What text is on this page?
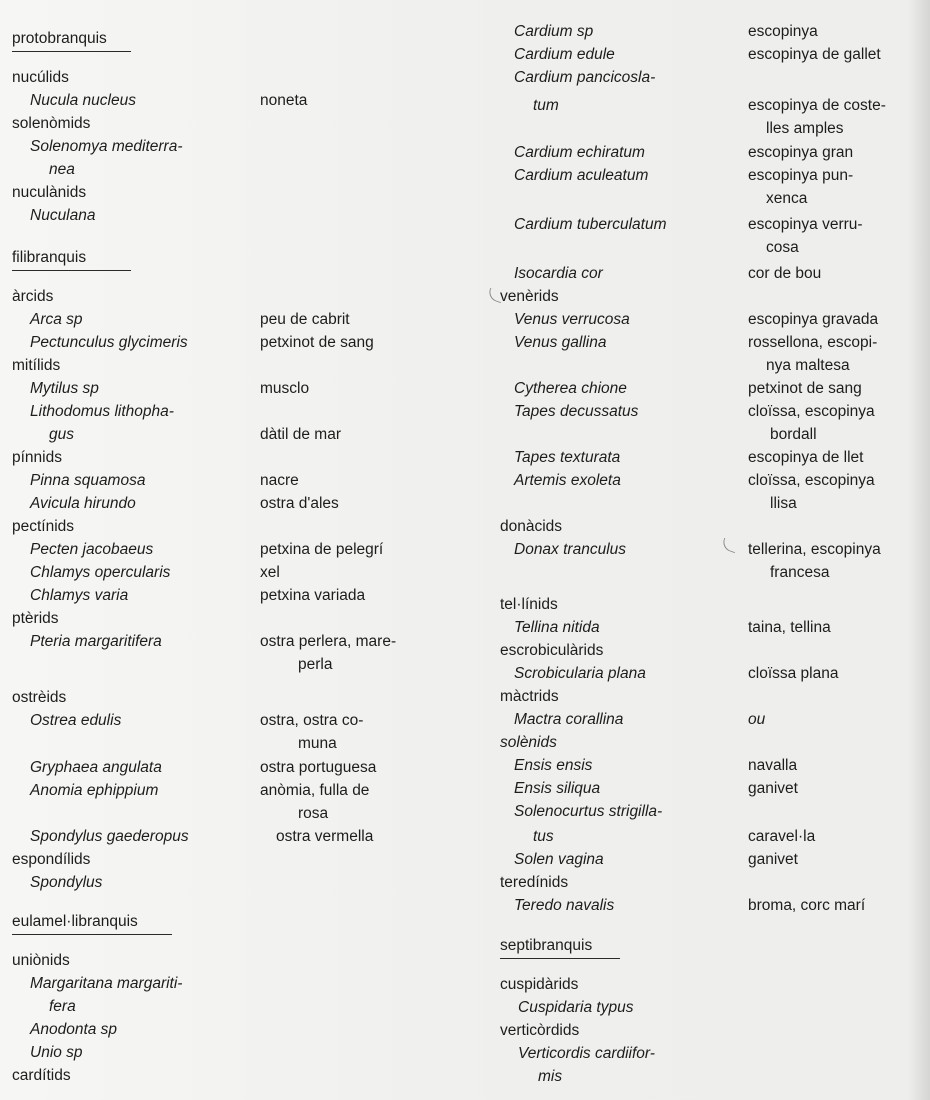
protobranquis
nucúlids
Nucula nucleus	noneta
solenòmids
Solenomya mediterra-
nea
nuculànids
Nuculana
filibranquis
àrcids
Arca sp	peu de cabrit
Pectunculus glycimeris	petxinot de sang
mitílids
Mytilus sp	musclo
Lithodomus lithopha-
gus	dàtil de mar
pínnids
Pinna squamosa	nacre
Avicula hirundo	ostra d'ales
pectínids
Pecten jacobaeus	petxina de pelegrí
Chlamys opercularis	xel
Chlamys varia	petxina variada
ptèrids
Pteria margaritifera	ostra perlera, mare-
perla
ostrèids
Ostrea edulis	ostra, ostra co-
muna
Gryphaea angulata	ostra portuguesa
Anomia ephippium	anòmia, fulla de
rosa
Spondylus gaederopus	ostra vermella
espondílids
Spondylus
eulamel·libranquis
uniònids
Margaritana margariti-
fera
Anodonta sp
Unio sp
cardítids
Cardium sp	escopinya
Cardium edule	escopinya de gallet
Cardium pancicosla-
tum	escopinya de coste-
lles amples
Cardium echiratum	escopinya gran
Cardium aculeatum	escopinya pun-
xenca
Cardium tuberculatum	escopinya verru-
cosa
Isocardia cor	cor de bou
venèrids
Venus verrucosa	escopinya gravada
Venus gallina	rossellona, escopi-
nya maltesa
Cytherea chione	petxinot de sang
Tapes decussatus	cloïssa, escopinya
bordall
Tapes texturata	escopinya de llet
Artemis exoleta	cloïssa, escopinya
llisa
donàcids
Donax tranculus	tellerina, escopinya
francesa
tel·línids
Tellina nitida	taina, tellina
escrobiculàrids
Scrobicularia plana	cloïssa plana
màctrids
Mactra corallina	ou
solènids
Ensis ensis	navalla
Ensis siliqua	ganivet
Solenocurtus strigilla-
tus	caravel·la
Solen vagina	ganivet
teredínids
Teredo navalis	broma, corc marí
septibranquis
cuspidàrids
Cuspidaria typus
verticòrdids
Verticordis cardiifor-
mis
